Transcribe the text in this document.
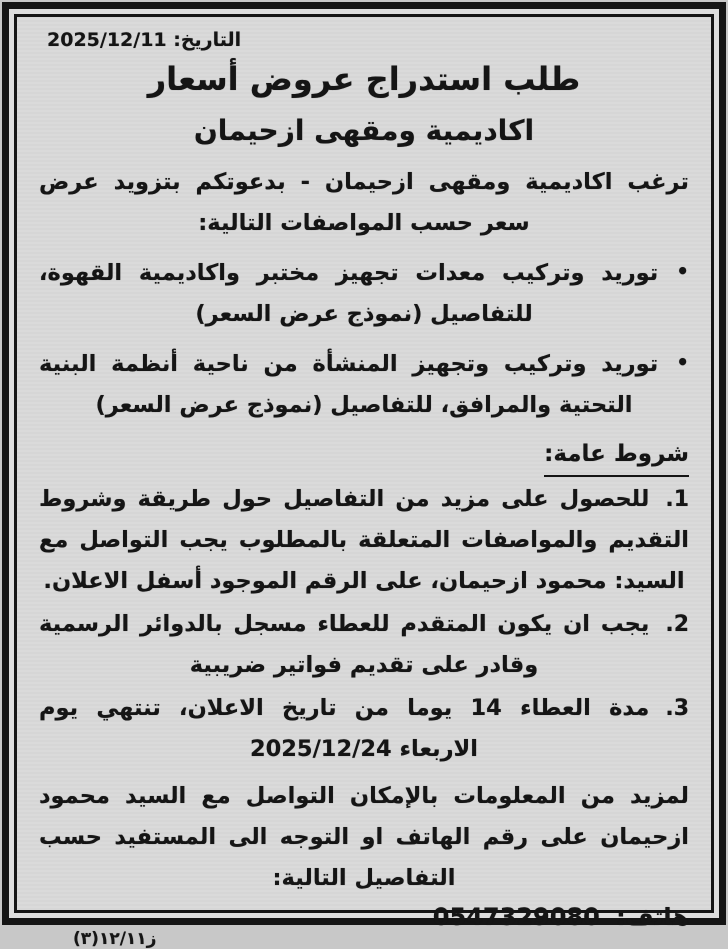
التاريخ: 2025/12/11
طلب استدراج عروض أسعار
اكاديمية ومقهى ازحيمان
ترغب اكاديمية ومقهى ازحيمان - بدعوتكم بتزويد عرض سعر حسب المواصفات التالية:
•توريد وتركيب معدات تجهيز مختبر واكاديمية القهوة، للتفاصيل (نموذج عرض السعر)
•توريد وتركيب وتجهيز المنشأة من ناحية أنظمة البنية التحتية والمرافق، للتفاصيل (نموذج عرض السعر)
شروط عامة:
1.للحصول على مزيد من التفاصيل حول طريقة وشروط التقديم والمواصفات المتعلقة بالمطلوب يجب التواصل مع السيد: محمود ازحيمان، على الرقم الموجود أسفل الاعلان.
2.يجب ان يكون المتقدم للعطاء مسجل بالدوائر الرسمية وقادر على تقديم فواتير ضريبية
3.مدة العطاء 14 يوما من تاريخ الاعلان، تنتهي يوم الاربعاء 2025/12/24
لمزيد من المعلومات بالإمكان التواصل مع السيد محمود ازحيمان على رقم الهاتف او التوجه الى المستفيد حسب التفاصيل التالية:
هاتف: 0547329080
ز١٢/١١(٣)
